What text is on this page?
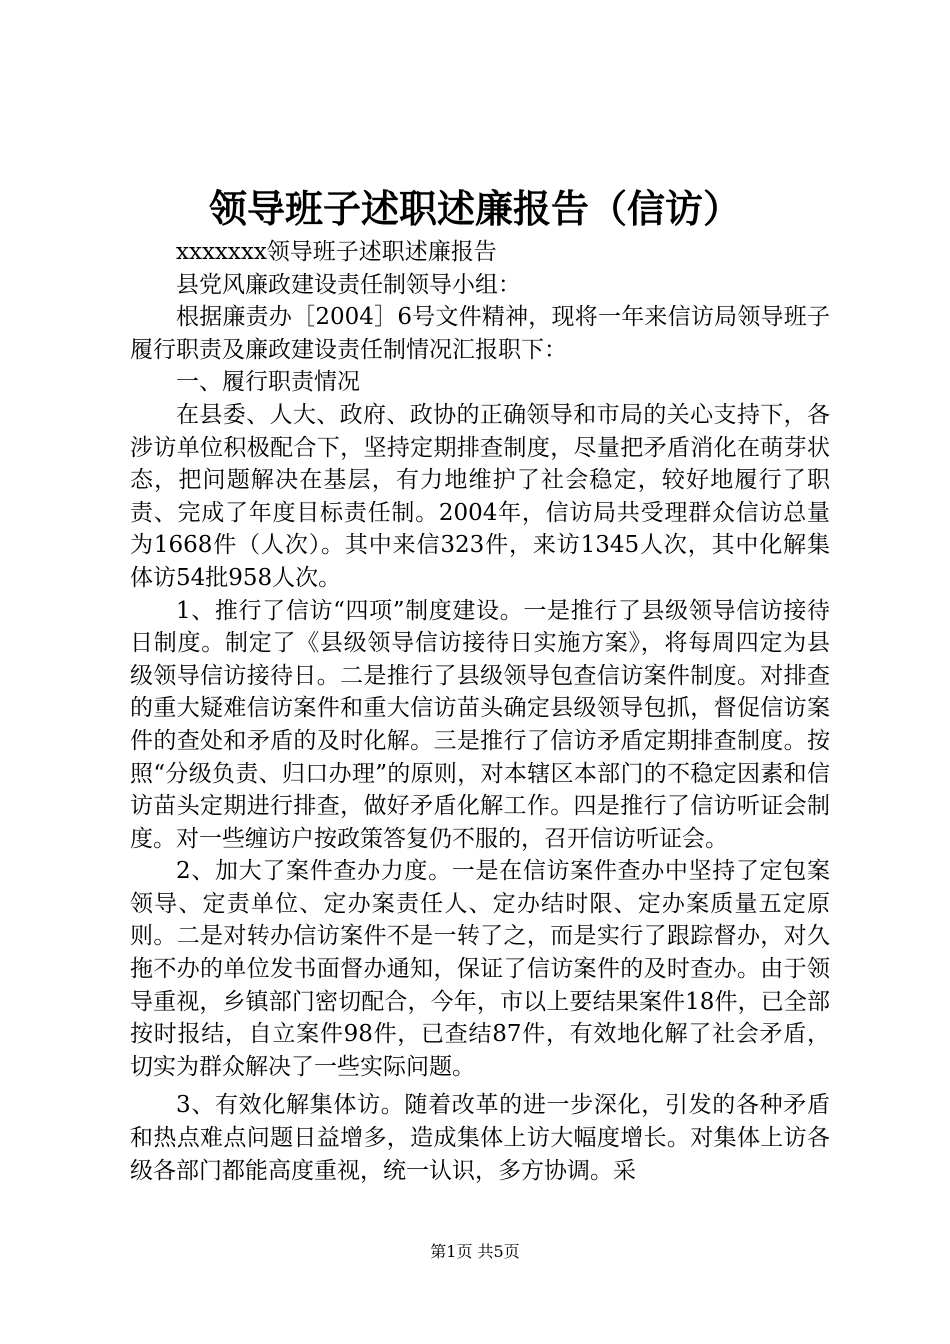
领导班子述职述廉报告（信访）

xxxxxxx领导班子述职述廉报告

县党风廉政建设责任制领导小组：

根据廉责办［2004］6号文件精神，现将一年来信访局领导班子履行职责及廉政建设责任制情况汇报职下：

一、履行职责情况

在县委、人大、政府、政协的正确领导和市局的关心支持下，各涉访单位积极配合下，坚持定期排查制度，尽量把矛盾消化在萌芽状态，把问题解决在基层，有力地维护了社会稳定，较好地履行了职责、完成了年度目标责任制。2004年，信访局共受理群众信访总量为1668件（人次）。其中来信323件，来访1345人次，其中化解集体访54批958人次。

1、推行了信访“四项”制度建设。一是推行了县级领导信访接待日制度。制定了《县级领导信访接待日实施方案》，将每周四定为县级领导信访接待日。二是推行了县级领导包查信访案件制度。对排查的重大疑难信访案件和重大信访苗头确定县级领导包抓，督促信访案件的查处和矛盾的及时化解。三是推行了信访矛盾定期排查制度。按照“分级负责、归口办理”的原则，对本辖区本部门的不稳定因素和信访苗头定期进行排查，做好矛盾化解工作。四是推行了信访听证会制度。对一些缠访户按政策答复仍不服的，召开信访听证会。

2、加大了案件查办力度。一是在信访案件查办中坚持了定包案领导、定责单位、定办案责任人、定办结时限、定办案质量五定原则。二是对转办信访案件不是一转了之，而是实行了跟踪督办，对久拖不办的单位发书面督办通知，保证了信访案件的及时查办。由于领导重视，乡镇部门密切配合，今年，市以上要结果案件18件，已全部按时报结，自立案件98件，已查结87件，有效地化解了社会矛盾，切实为群众解决了一些实际问题。

3、有效化解集体访。随着改革的进一步深化，引发的各种矛盾和热点难点问题日益增多，造成集体上访大幅度增长。对集体上访各级各部门都能高度重视，统一认识，多方协调。采

第1页 共5页
